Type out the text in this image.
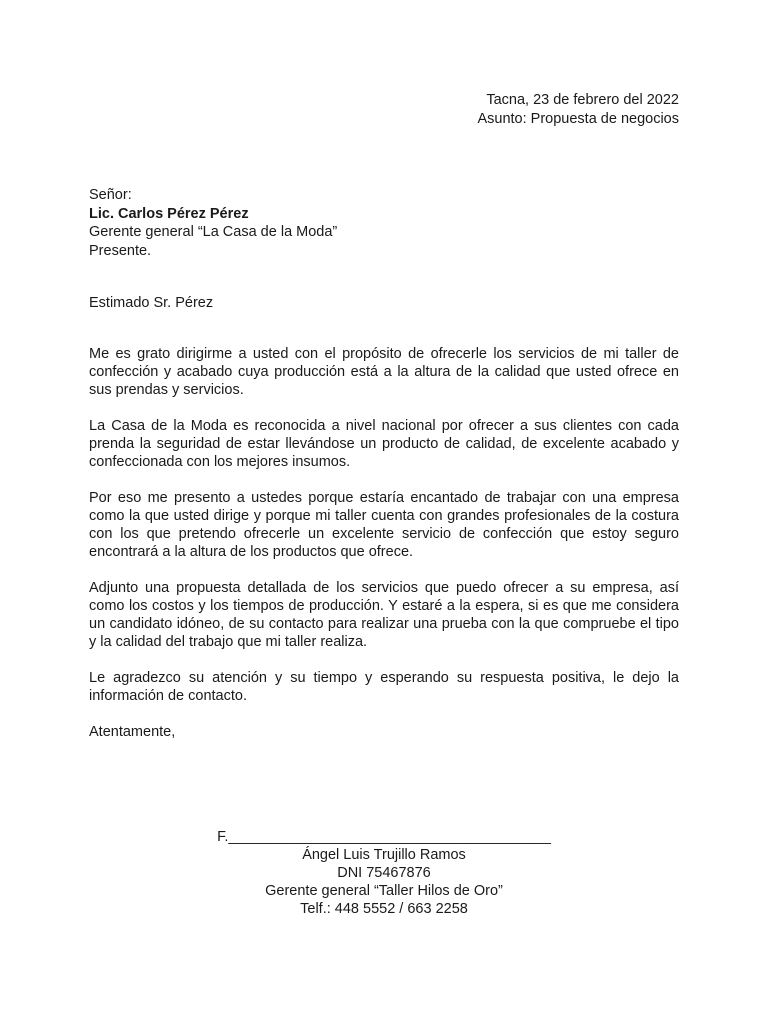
Tacna, 23 de febrero del 2022
Asunto: Propuesta de negocios
Señor:
Lic. Carlos Pérez Pérez
Gerente general “La Casa de la Moda”
Presente.

Estimado Sr. Pérez

Me es grato dirigirme a usted con el propósito de ofrecerle los servicios de mi taller de confección y acabado cuya producción está a la altura de la calidad que usted ofrece en sus prendas y servicios.

La Casa de la Moda es reconocida a nivel nacional por ofrecer a sus clientes con cada prenda la seguridad de estar llevándose un producto de calidad, de excelente acabado y confeccionada con los mejores insumos.

Por eso me presento a ustedes porque estaría encantado de trabajar con una empresa como la que usted dirige y porque mi taller cuenta con grandes profesionales de la costura con los que pretendo ofrecerle un excelente servicio de confección que estoy seguro encontrará a la altura de los productos que ofrece.

Adjunto una propuesta detallada de los servicios que puedo ofrecer a su empresa, así como los costos y los tiempos de producción. Y estaré a la espera, si es que me considera un candidato idóneo, de su contacto para realizar una prueba con la que compruebe el tipo y la calidad del trabajo que mi taller realiza.

Le agradezco su atención y su tiempo y esperando su respuesta positiva, le dejo la información de contacto.

Atentamente,

F.________________________________________
Ángel Luis Trujillo Ramos
DNI 75467876
Gerente general “Taller Hilos de Oro”
Telf.: 448 5552 / 663 2258
